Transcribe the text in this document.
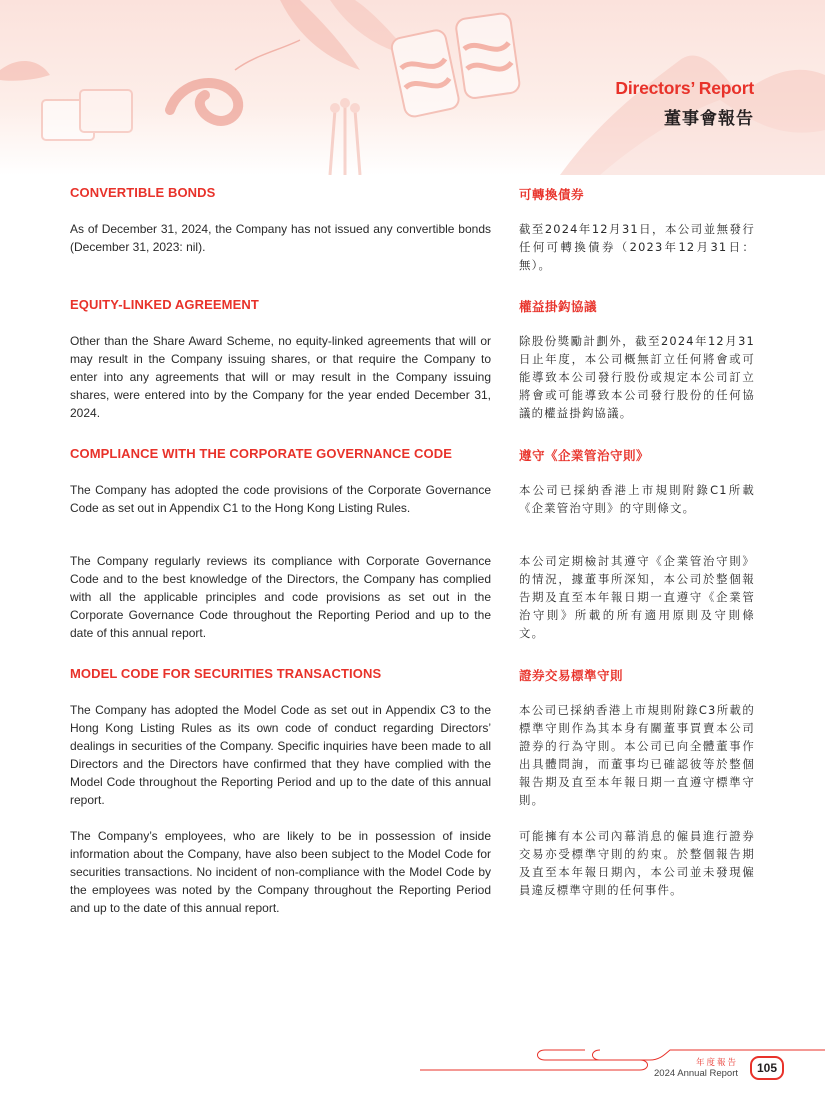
Directors’ Report
董事會報告
CONVERTIBLE BONDS	可轉換債券
As of December 31, 2024, the Company has not issued any convertible bonds (December 31, 2023: nil).
截至2024年12月31日，本公司並無發行任何可轉換債券（2023年12月31日：無）。
EQUITY-LINKED AGREEMENT	權益掛鈎協議
Other than the Share Award Scheme, no equity-linked agreements that will or may result in the Company issuing shares, or that require the Company to enter into any agreements that will or may result in the Company issuing shares, were entered into by the Company for the year ended December 31, 2024.
除股份獎勵計劃外，截至2024年12月31日止年度，本公司概無訂立任何將會或可能導致本公司發行股份或規定本公司訂立將會或可能導致本公司發行股份的任何協議的權益掛鈎協議。
COMPLIANCE WITH THE CORPORATE GOVERNANCE CODE	遵守《企業管治守則》
The Company has adopted the code provisions of the Corporate Governance Code as set out in Appendix C1 to the Hong Kong Listing Rules.
本公司已採納香港上市規則附錄C1所載《企業管治守則》的守則條文。
The Company regularly reviews its compliance with Corporate Governance Code and to the best knowledge of the Directors, the Company has complied with all the applicable principles and code provisions as set out in the Corporate Governance Code throughout the Reporting Period and up to the date of this annual report.
本公司定期檢討其遵守《企業管治守則》的情況，據董事所深知，本公司於整個報告期及直至本年報日期一直遵守《企業管治守則》所載的所有適用原則及守則條文。
MODEL CODE FOR SECURITIES TRANSACTIONS	證券交易標準守則
The Company has adopted the Model Code as set out in Appendix C3 to the Hong Kong Listing Rules as its own code of conduct regarding Directors’ dealings in securities of the Company. Specific inquiries have been made to all Directors and the Directors have confirmed that they have complied with the Model Code throughout the Reporting Period and up to the date of this annual report.
本公司已採納香港上市規則附錄C3所載的標準守則作為其本身有關董事買賣本公司證券的行為守則。本公司已向全體董事作出具體問詢，而董事均已確認彼等於整個報告期及直至本年報日期一直遵守標準守則。
The Company’s employees, who are likely to be in possession of inside information about the Company, have also been subject to the Model Code for securities transactions. No incident of non-compliance with the Model Code by the employees was noted by the Company throughout the Reporting Period and up to the date of this annual report.
可能擁有本公司內幕消息的僱員進行證券交易亦受標準守則的約束。於整個報告期及直至本年報日期內，本公司並未發現僱員違反標準守則的任何事件。
年度報告
2024 Annual Report	105
